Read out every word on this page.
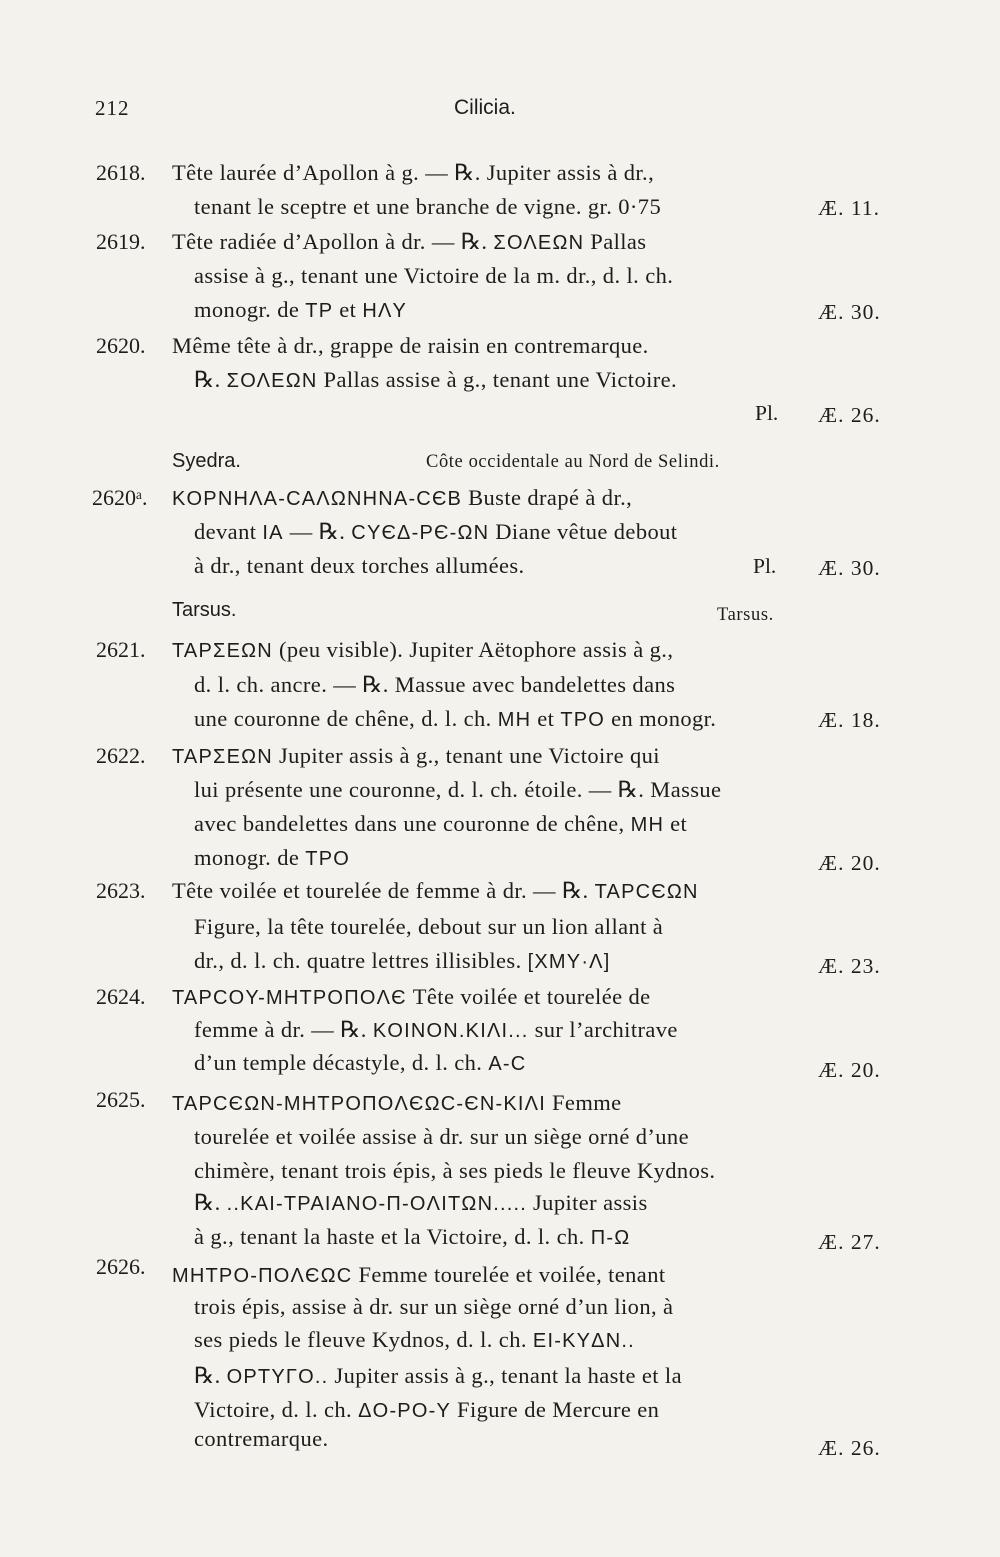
212	Cilicia.
2618. Tête laurée d’Apollon à g. — ℞. Jupiter assis à dr.,
tenant le sceptre et une branche de vigne. gr. 0·75	Æ. 11.
2619. Tête radiée d’Apollon à dr. — ℞. ΣΟΛΕΩΝ Pallas
assise à g., tenant une Victoire de la m. dr., d. l. ch.
monogr. de TP et HΛY	Æ. 30.
2620. Même tête à dr., grappe de raisin en contremarque.
℞. ΣΟΛΕΩΝ Pallas assise à g., tenant une Victoire.
Pl. Æ. 26.
Syedra.	Côte occidentale au Nord de Selindi.
2620ᵃ. KOPNHΛA-CAΛΩNHNA-CЄB Buste drapé à dr.,
devant IA — ℞. CYЄΔ-PЄ-ΩN Diane vêtue debout
à dr., tenant deux torches allumées.	Pl. Æ. 30.
Tarsus.	Tarsus.
2621. TAPΣEΩN (peu visible). Jupiter Aëtophore assis à g.,
d. l. ch. ancre. — ℞. Massue avec bandelettes dans
une couronne de chêne, d. l. ch. MH et TPO en monogr.	Æ. 18.
2622. TAPΣEΩN Jupiter assis à g., tenant une Victoire qui
lui présente une couronne, d. l. ch. étoile. — ℞. Massue
avec bandelettes dans une couronne de chêne, MH et
monogr. de TPO	Æ. 20.
2623. Tête voilée et tourelée de femme à dr. — ℞. TAPCЄΩN
Figure, la tête tourelée, debout sur un lion allant à
dr., d. l. ch. quatre lettres illisibles. [XMY·Λ]	Æ. 23.
2624. TAPCOY-MHTPOΠOΛЄ Tête voilée et tourelée de
femme à dr. — ℞. KOINON.KIΛI... sur l’architrave
d’un temple décastyle, d. l. ch. A-C	Æ. 20.
2625. TAPCЄΩN-MHTPOΠOΛЄΩC-ЄN-KIΛI Femme
tourelée et voilée assise à dr. sur un siège orné d’une
chimère, tenant trois épis, à ses pieds le fleuve Kydnos.
℞. ..KAI-TPAIANO-Π-OΛITΩN..... Jupiter assis
à g., tenant la haste et la Victoire, d. l. ch. Π-Ω	Æ. 27.
2626. MHTPO-ΠOΛЄΩC Femme tourelée et voilée, tenant
trois épis, assise à dr. sur un siège orné d’un lion, à
ses pieds le fleuve Kydnos, d. l. ch. EI-KYΔN..
℞. OPTYΓO.. Jupiter assis à g., tenant la haste et la
Victoire, d. l. ch. ΔO-PO-Y Figure de Mercure en
contremarque.	Æ. 26.
